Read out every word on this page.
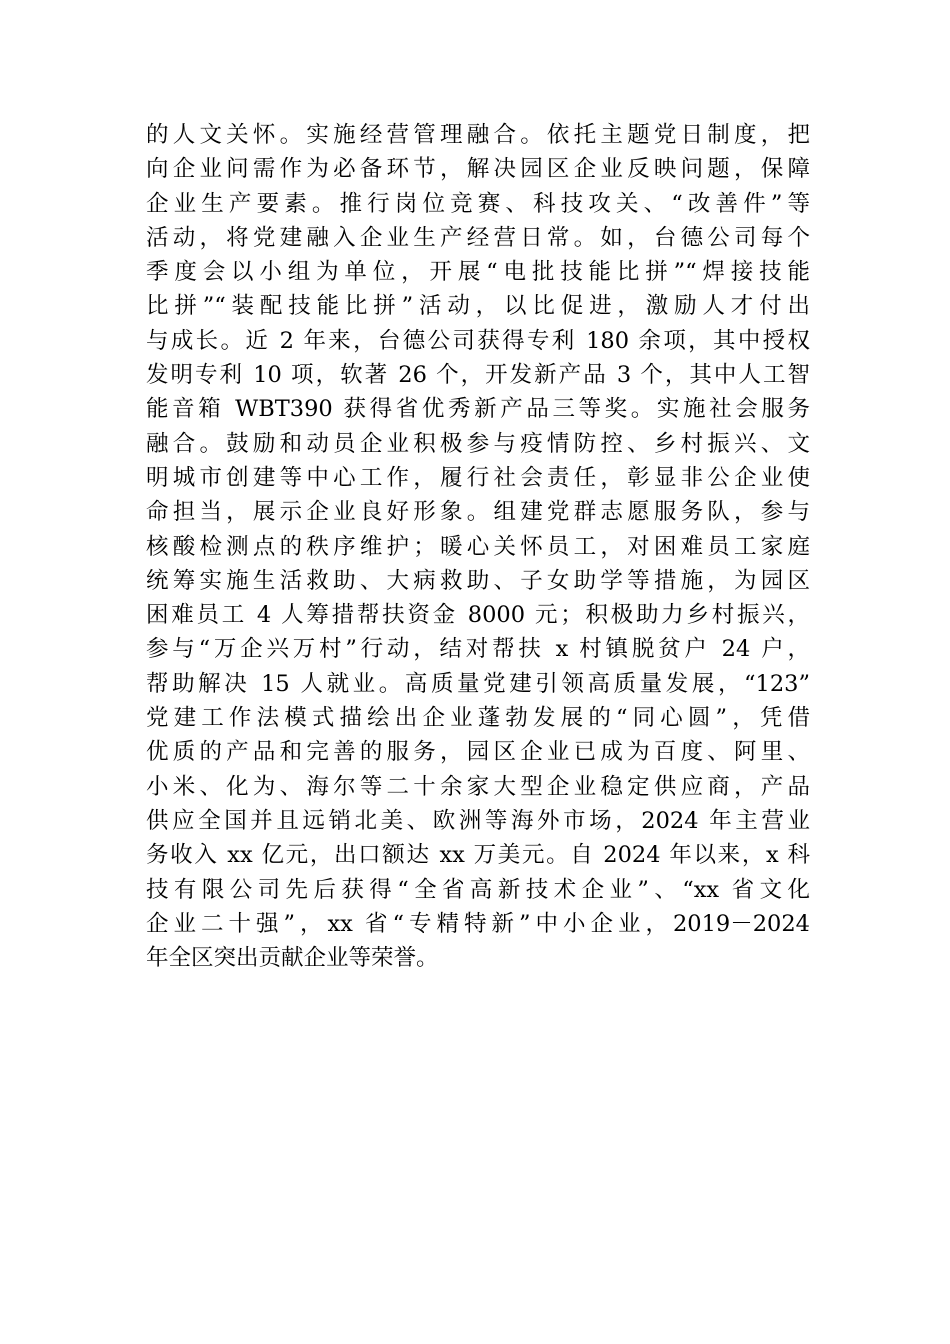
的人文关怀。实施经营管理融合。依托主题党日制度，把
向企业问需作为必备环节，解决园区企业反映问题，保障
企业生产要素。推行岗位竞赛、科技攻关、“改善件”等
活动，将党建融入企业生产经营日常。如，台德公司每个
季度会以小组为单位，开展“电批技能比拼”“焊接技能
比拼”“装配技能比拼”活动，以比促进，激励人才付出
与成长。近 2 年来，台德公司获得专利 180 余项，其中授权
发明专利 10 项，软著 26 个，开发新产品 3 个，其中人工智
能音箱 WBT390 获得省优秀新产品三等奖。实施社会服务
融合。鼓励和动员企业积极参与疫情防控、乡村振兴、文
明城市创建等中心工作，履行社会责任，彰显非公企业使
命担当，展示企业良好形象。组建党群志愿服务队，参与
核酸检测点的秩序维护；暖心关怀员工，对困难员工家庭
统筹实施生活救助、大病救助、子女助学等措施，为园区
困难员工 4 人筹措帮扶资金 8000 元；积极助力乡村振兴，
参与“万企兴万村”行动，结对帮扶 x 村镇脱贫户 24 户，
帮助解决 15 人就业。高质量党建引领高质量发展，“123”
党建工作法模式描绘出企业蓬勃发展的“同心圆”，凭借
优质的产品和完善的服务，园区企业已成为百度、阿里、
小米、化为、海尔等二十余家大型企业稳定供应商，产品
供应全国并且远销北美、欧洲等海外市场，2024 年主营业
务收入 xx 亿元，出口额达 xx 万美元。自 2024 年以来，x 科
技有限公司先后获得“全省高新技术企业”、“xx 省文化
企业二十强”，xx 省“专精特新”中小企业，2019－2024
年全区突出贡献企业等荣誉。
